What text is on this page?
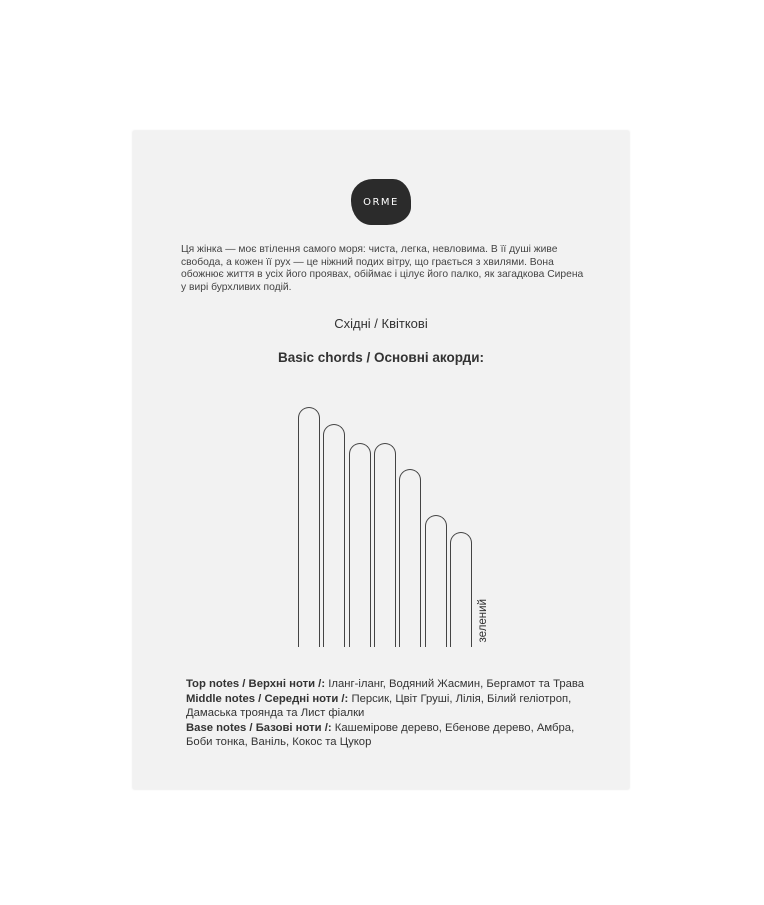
ORME
Ця жінка — моє втілення самого моря: чиста, легка, невловима. В її душі живе свобода, а кожен її рух — це ніжний подих вітру, що грається з хвилями. Вона обожнює життя в усіх його проявах, обіймає і цілує його палко, як загадкова Сирена у вирі бурхливих подій.
Східні / Квіткові
Basic chords / Основні акорди:
зелений

Top notes / Верхні ноти /: Іланг-іланг, Водяний Жасмин, Бергамот та Трава

Middle notes / Середні ноти /: Персик, Цвіт Груші, Лілія, Білий геліотроп, Дамаська троянда та Лист фіалки

Base notes / Базові ноти /: Кашемірове дерево, Ебенове дерево, Амбра, Боби тонка, Ваніль, Кокос та Цукор
